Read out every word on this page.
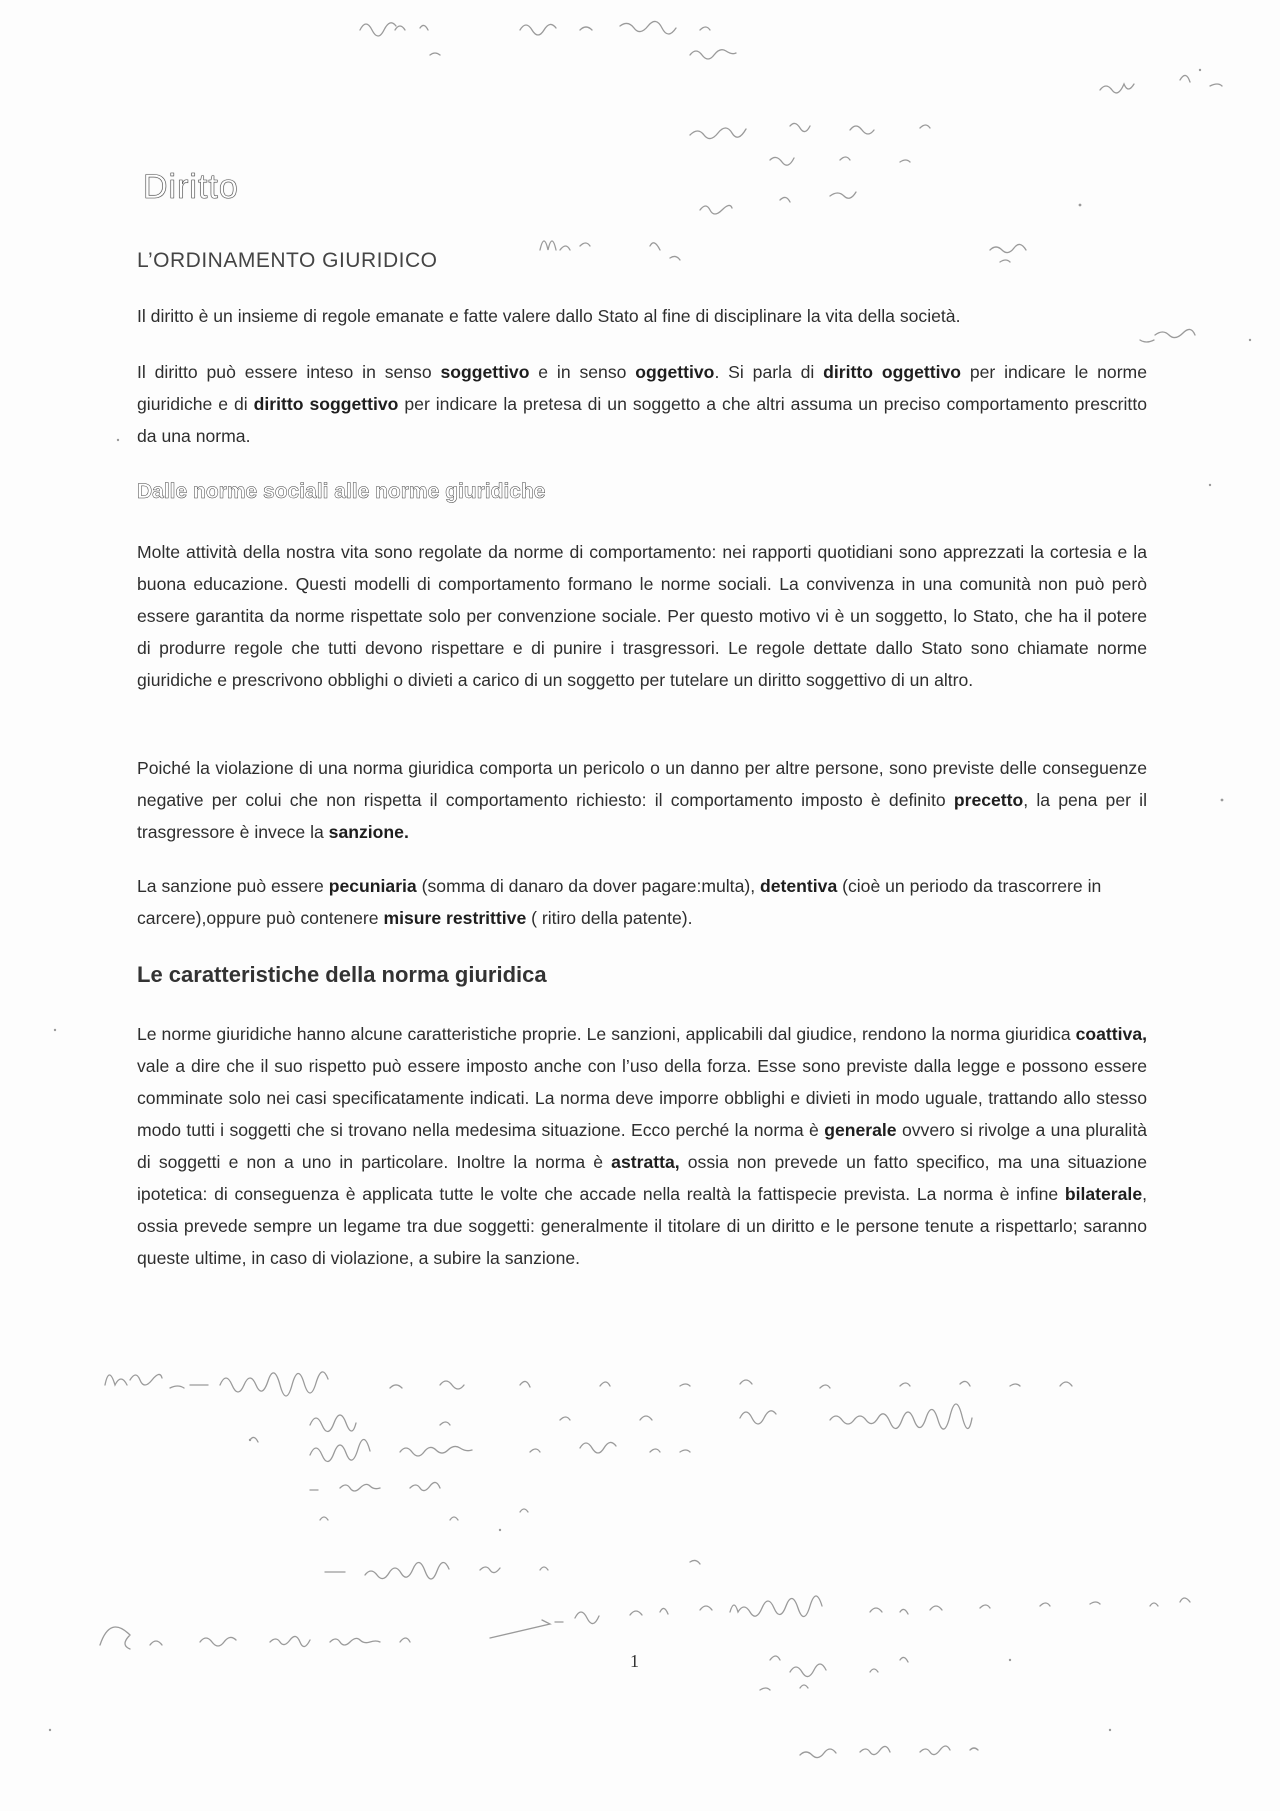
Diritto
L’ORDINAMENTO GIURIDICO
Il diritto è un insieme di regole emanate e fatte valere dallo Stato al fine di disciplinare la vita della società.
Il diritto può essere inteso in senso soggettivo e in senso oggettivo. Si parla di diritto oggettivo per indicare le norme giuridiche e di diritto soggettivo per indicare la pretesa di un soggetto a che altri assuma un preciso comportamento prescritto da una norma.
Dalle norme sociali alle norme giuridiche
Molte attività della nostra vita sono regolate da norme di comportamento: nei rapporti quotidiani sono apprezzati la cortesia e la buona educazione. Questi modelli di comportamento formano le norme sociali. La convivenza in una comunità non può però essere garantita da norme rispettate solo per convenzione sociale. Per questo motivo vi è un soggetto, lo Stato, che ha il potere di produrre regole che tutti devono rispettare e di punire i trasgressori. Le regole dettate dallo Stato sono chiamate norme giuridiche e prescrivono obblighi o divieti a carico di un soggetto per tutelare un diritto soggettivo di un altro.
Poiché la violazione di una norma giuridica comporta un pericolo o un danno per altre persone, sono previste delle conseguenze negative per colui che non rispetta il comportamento richiesto: il comportamento imposto è definito precetto, la pena per il trasgressore è invece la sanzione.
La sanzione può essere pecuniaria (somma di danaro da dover pagare:multa), detentiva (cioè un periodo da trascorrere in carcere),oppure può contenere misure restrittive ( ritiro della patente).
Le caratteristiche della norma giuridica
Le norme giuridiche hanno alcune caratteristiche proprie. Le sanzioni, applicabili dal giudice, rendono la norma giuridica coattiva, vale a dire che il suo rispetto può essere imposto anche con l’uso della forza. Esse sono previste dalla legge e possono essere comminate solo nei casi specificatamente indicati. La norma deve imporre obblighi e divieti in modo uguale, trattando allo stesso modo tutti i soggetti che si trovano nella medesima situazione. Ecco perché la norma è generale ovvero si rivolge a una pluralità di soggetti e non a uno in particolare. Inoltre la norma è astratta, ossia non prevede un fatto specifico, ma una situazione ipotetica: di conseguenza è applicata tutte le volte che accade nella realtà la fattispecie prevista. La norma è infine bilaterale, ossia prevede sempre un legame tra due soggetti: generalmente il titolare di un diritto e le persone tenute a rispettarlo; saranno queste ultime, in caso di violazione, a subire la sanzione.
1
